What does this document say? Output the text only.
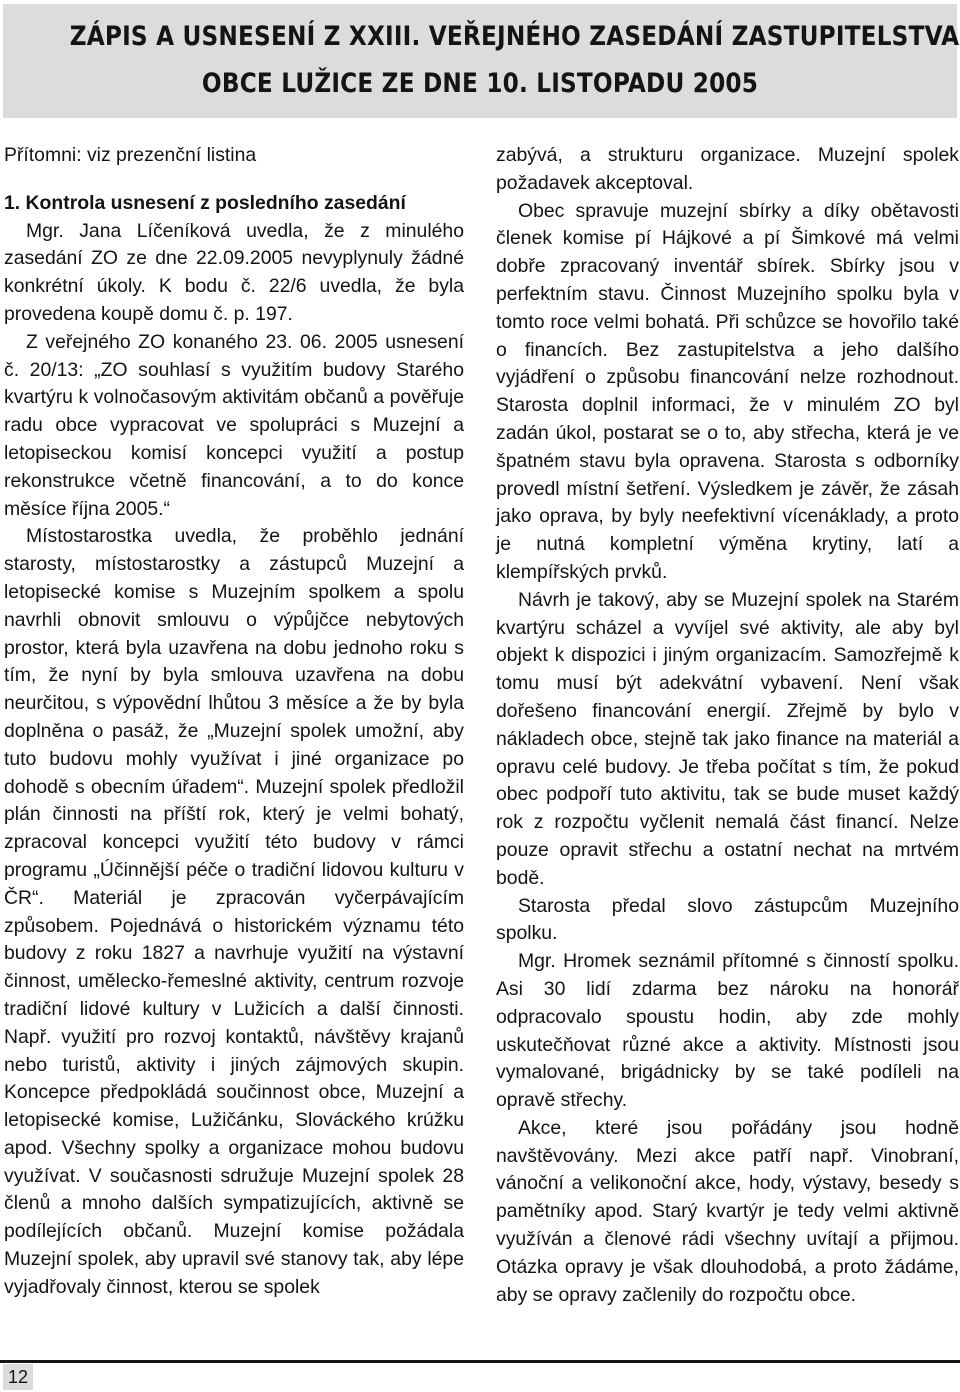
ZÁPIS A USNESENÍ Z XXIII. VEŘEJNÉHO ZASEDÁNÍ ZASTUPITELSTVA
OBCE LUŽICE ZE DNE 10. LISTOPADU 2005

Přítomni: viz prezenční listina

1. Kontrola usnesení z posledního zasedání

Mgr. Jana Líčeníková uvedla, že z minulého zasedání ZO ze dne 22.09.2005 nevyplynuly žádné konkrétní úkoly. K bodu č. 22/6 uvedla, že byla provedena koupě domu č. p. 197.

Z veřejného ZO konaného 23. 06. 2005 usnesení č. 20/13: „ZO souhlasí s využitím budovy Starého kvartýru k volnočasovým aktivitám občanů a pověřuje radu obce vypracovat ve spolupráci s Muzejní a letopiseckou komisí koncepci využití a postup rekonstrukce včetně financování, a to do konce měsíce října 2005.“

Místostarostka uvedla, že proběhlo jednání starosty, místostarostky a zástupců Muzejní a letopisecké komise s Muzejním spolkem a spolu navrhli obnovit smlouvu o výpůjčce nebytových prostor, která byla uzavřena na dobu jednoho roku s tím, že nyní by byla smlouva uzavřena na dobu neurčitou, s výpovědní lhůtou 3 měsíce a že by byla doplněna o pasáž, že „Muzejní spolek umožní, aby tuto budovu mohly využívat i jiné organizace po dohodě s obecním úřadem“. Muzejní spolek předložil plán činnosti na příští rok, který je velmi bohatý, zpracoval koncepci využití této budovy v rámci programu „Účinnější péče o tradiční lidovou kulturu v ČR“. Materiál je zpracován vyčerpávajícím způsobem. Pojednává o historickém významu této budovy z roku 1827 a navrhuje využití na výstavní činnost, umělecko-řemeslné aktivity, centrum rozvoje tradiční lidové kultury v Lužicích a další činnosti. Např. využití pro rozvoj kontaktů, návštěvy krajanů nebo turistů, aktivity i jiných zájmových skupin. Koncepce předpokládá součinnost obce, Muzejní a letopisecké komise, Lužičánku, Slováckého krúžku apod. Všechny spolky a organizace mohou budovu využívat. V současnosti sdružuje Muzejní spolek 28 členů a mnoho dalších sympatizujících, aktivně se podílejících občanů. Muzejní komise požádala Muzejní spolek, aby upravil své stanovy tak, aby lépe vyjadřovaly činnost, kterou se spolek

zabývá, a strukturu organizace. Muzejní spolek požadavek akceptoval.

Obec spravuje muzejní sbírky a díky obětavosti členek komise pí Hájkové a pí Šimkové má velmi dobře zpracovaný inventář sbírek. Sbírky jsou v perfektním stavu. Činnost Muzejního spolku byla v tomto roce velmi bohatá. Při schůzce se hovořilo také o financích. Bez zastupitelstva a jeho dalšího vyjádření o způsobu financování nelze rozhodnout. Starosta doplnil informaci, že v minulém ZO byl zadán úkol, postarat se o to, aby střecha, která je ve špatném stavu byla opravena. Starosta s odborníky provedl místní šetření. Výsledkem je závěr, že zásah jako oprava, by byly neefektivní vícenáklady, a proto je nutná kompletní výměna krytiny, latí a klempířských prvků.

Návrh je takový, aby se Muzejní spolek na Starém kvartýru scházel a vyvíjel své aktivity, ale aby byl objekt k dispozici i jiným organizacím. Samozřejmě k tomu musí být adekvátní vybavení. Není však dořešeno financování energií. Zřejmě by bylo v nákladech obce, stejně tak jako finance na materiál a opravu celé budovy. Je třeba počítat s tím, že pokud obec podpoří tuto aktivitu, tak se bude muset každý rok z rozpočtu vyčlenit nemalá část financí. Nelze pouze opravit střechu a ostatní nechat na mrtvém bodě.

Starosta předal slovo zástupcům Muzejního spolku.

Mgr. Hromek seznámil přítomné s činností spolku. Asi 30 lidí zdarma bez nároku na honorář odpracovalo spoustu hodin, aby zde mohly uskutečňovat různé akce a aktivity. Místnosti jsou vymalované, brigádnicky by se také podíleli na opravě střechy.

Akce, které jsou pořádány jsou hodně navštěvovány. Mezi akce patří např. Vinobraní, vánoční a velikonoční akce, hody, výstavy, besedy s pamětníky apod. Starý kvartýr je tedy velmi aktivně využíván a členové rádi všechny uvítají a přijmou. Otázka opravy je však dlouhodobá, a proto žádáme, aby se opravy začlenily do rozpočtu obce.

12
